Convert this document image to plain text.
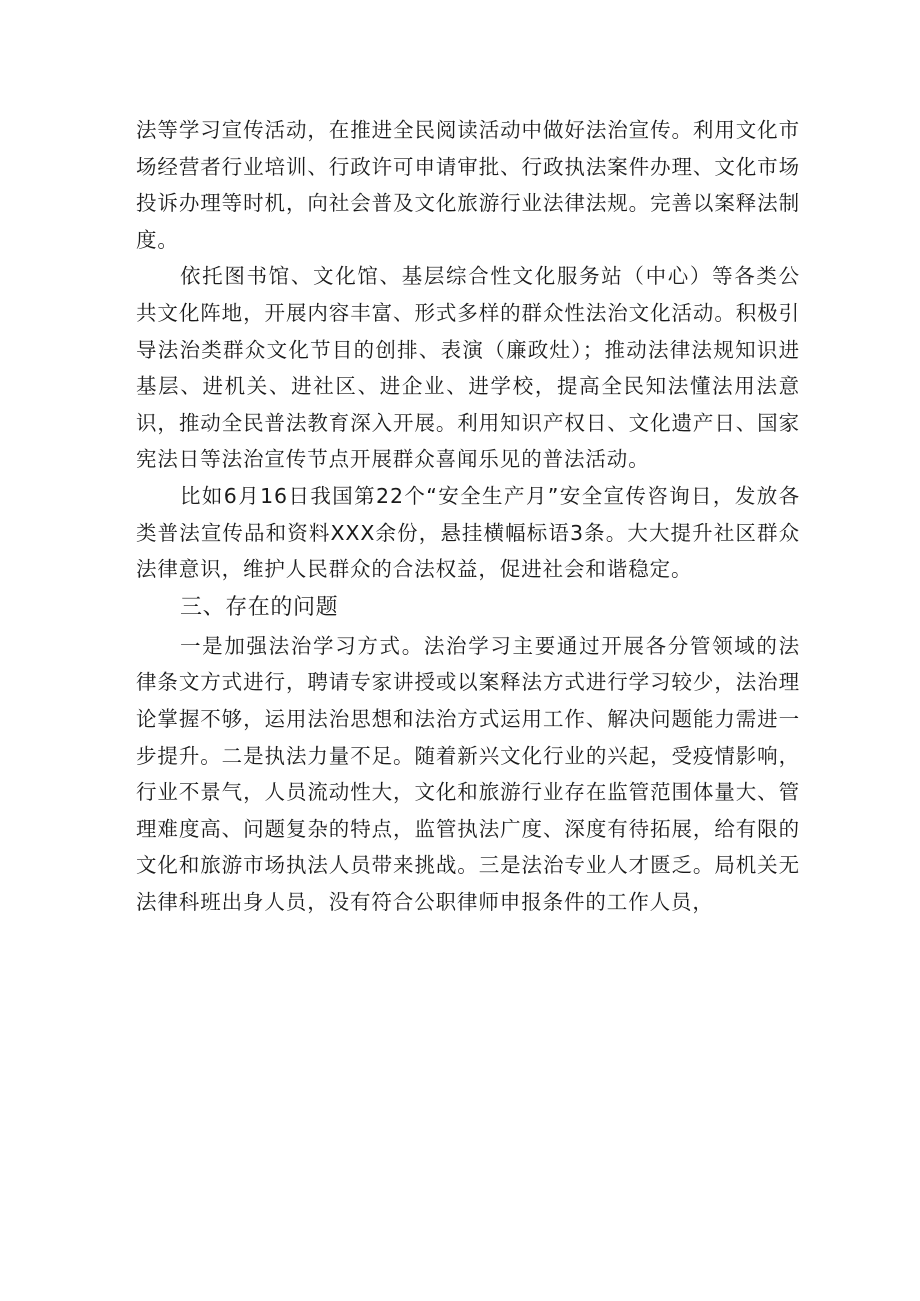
法等学习宣传活动，在推进全民阅读活动中做好法治宣传。利用文化市场经营者行业培训、行政许可申请审批、行政执法案件办理、文化市场投诉办理等时机，向社会普及文化旅游行业法律法规。完善以案释法制度。

依托图书馆、文化馆、基层综合性文化服务站（中心）等各类公共文化阵地，开展内容丰富、形式多样的群众性法治文化活动。积极引导法治类群众文化节目的创排、表演（廉政灶）；推动法律法规知识进基层、进机关、进社区、进企业、进学校，提高全民知法懂法用法意识，推动全民普法教育深入开展。利用知识产权日、文化遗产日、国家宪法日等法治宣传节点开展群众喜闻乐见的普法活动。

比如6月16日我国第22个“安全生产月”安全宣传咨询日，发放各类普法宣传品和资料XXX余份，悬挂横幅标语3条。大大提升社区群众法律意识，维护人民群众的合法权益，促进社会和谐稳定。

三、存在的问题

一是加强法治学习方式。法治学习主要通过开展各分管领域的法律条文方式进行，聘请专家讲授或以案释法方式进行学习较少，法治理论掌握不够，运用法治思想和法治方式运用工作、解决问题能力需进一步提升。二是执法力量不足。随着新兴文化行业的兴起，受疫情影响，行业不景气，人员流动性大，文化和旅游行业存在监管范围体量大、管理难度高、问题复杂的特点，监管执法广度、深度有待拓展，给有限的文化和旅游市场执法人员带来挑战。三是法治专业人才匮乏。局机关无法律科班出身人员，没有符合公职律师申报条件的工作人员，
